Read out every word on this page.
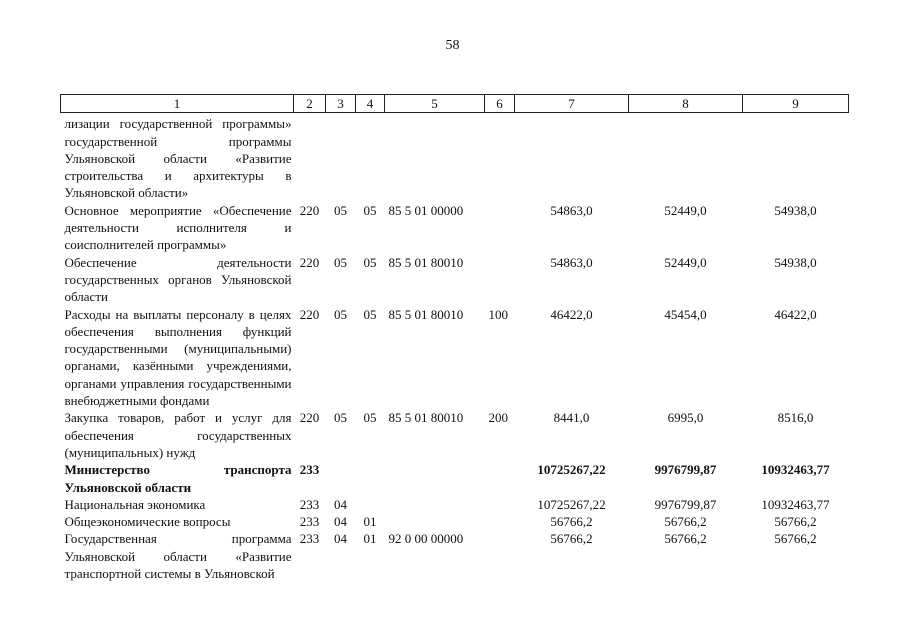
58
1	2	3	4	5	6	7	8	9
лизации государственной программы» государственной программы Ульяновской области «Развитие строительства и архитектуры в Ульяновской области»								
Основное мероприятие «Обеспечение деятельности исполнителя и соисполнителей программы»	220	05	05	85 5 01 00000		54863,0	52449,0	54938,0
Обеспечение деятельности государственных органов Ульяновской области	220	05	05	85 5 01 80010		54863,0	52449,0	54938,0
Расходы на выплаты персоналу в целях обеспечения выполнения функций государственными (муниципальными) органами, казёнными учреждениями, органами управления государственными внебюджетными фондами	220	05	05	85 5 01 80010	100	46422,0	45454,0	46422,0
Закупка товаров, работ и услуг для обеспечения государственных (муниципальных) нужд	220	05	05	85 5 01 80010	200	8441,0	6995,0	8516,0
Министерство транспорта Ульяновской области	233					10725267,22	9976799,87	10932463,77
Национальная экономика	233	04				10725267,22	9976799,87	10932463,77
Общеэкономические вопросы	233	04	01			56766,2	56766,2	56766,2
Государственная программа Ульяновской области «Развитие транспортной системы в Ульяновской	233	04	01	92 0 00 00000		56766,2	56766,2	56766,2
